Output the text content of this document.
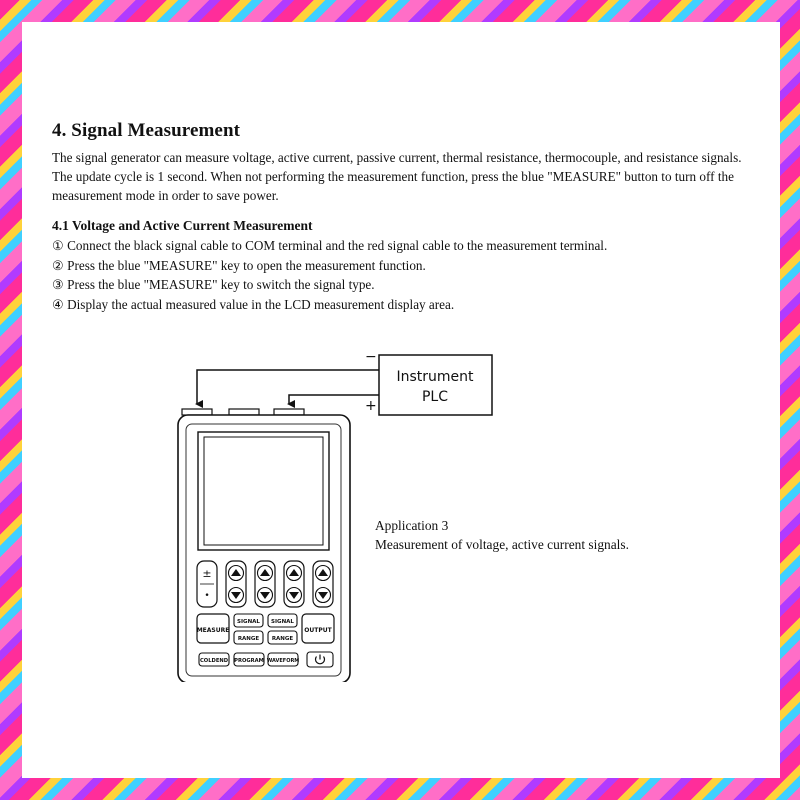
4. Signal Measurement

The signal generator can measure voltage, active current, passive current, thermal resistance, thermocouple, and resistance signals. The update cycle is 1 second. When not performing the measurement function, press the blue "MEASURE" button to turn off the measurement mode in order to save power.

4.1 Voltage and Active Current Measurement
① Connect the black signal cable to COM terminal and the red signal cable to the measurement terminal.
② Press the blue "MEASURE" key to open the measurement function.
③ Press the blue "MEASURE" key to switch the signal type.
④ Display the actual measured value in the LCD measurement display area.
Instrument
PLC
−
+
±
•
MEASURE
SIGNAL SIGNAL
RANGE RANGE
OUTPUT
COLDEND PROGRAM WAVEFORM
Application 3
Measurement of voltage, active current signals.
